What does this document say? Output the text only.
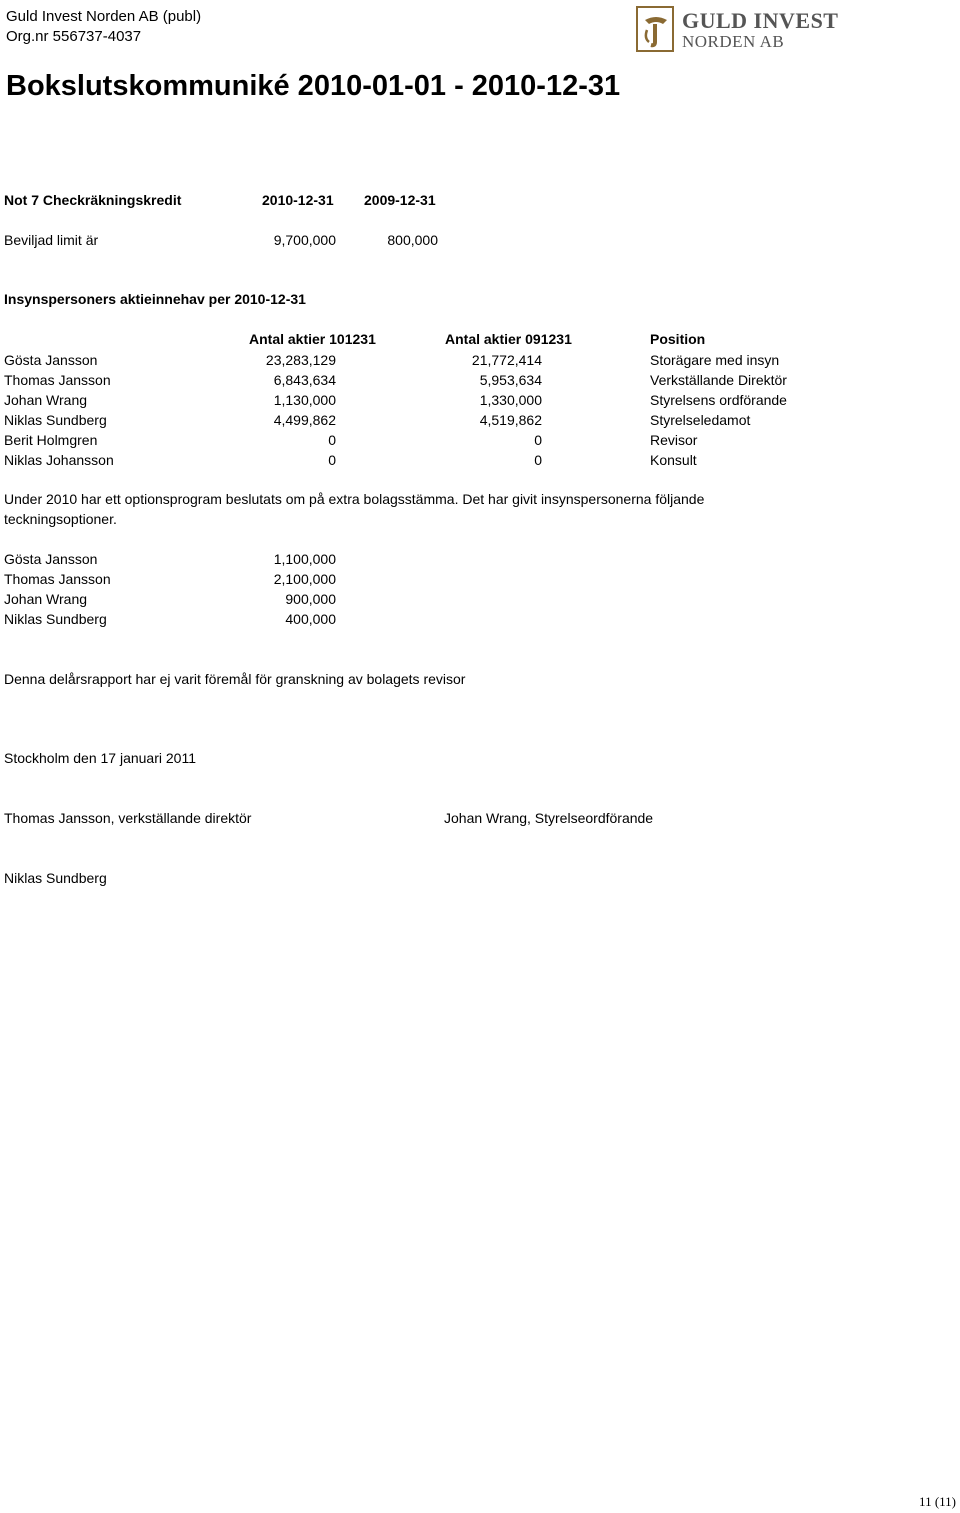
Guld Invest Norden AB (publ)
Org.nr 556737-4037
GULD INVEST
NORDEN AB
Bokslutskommuniké 2010-01-01 - 2010-12-31
Not 7 Checkräkningskredit	2010-12-31 2009-12-31
Beviljad limit är	9,700,000	800,000
Insynspersoners aktieinnehav per 2010-12-31
Antal aktier 101231	Antal aktier 091231	Position
Gösta Jansson	23,283,129	21,772,414	Storägare med insyn
Thomas Jansson	6,843,634	5,953,634	Verkställande Direktör
Johan Wrang	1,130,000	1,330,000	Styrelsens ordförande
Niklas Sundberg	4,499,862	4,519,862	Styrelseledamot
Berit Holmgren	0	0	Revisor
Niklas Johansson	0	0	Konsult
Under 2010 har ett optionsprogram beslutats om på extra bolagsstämma. Det har givit insynspersonerna följande teckningsoptioner.
Gösta Jansson	1,100,000
Thomas Jansson	2,100,000
Johan Wrang	900,000
Niklas Sundberg	400,000
Denna delårsrapport har ej varit föremål för granskning av bolagets revisor
Stockholm den 17 januari 2011
Thomas Jansson, verkställande direktör	Johan Wrang, Styrelseordförande
Niklas Sundberg
11 (11)
